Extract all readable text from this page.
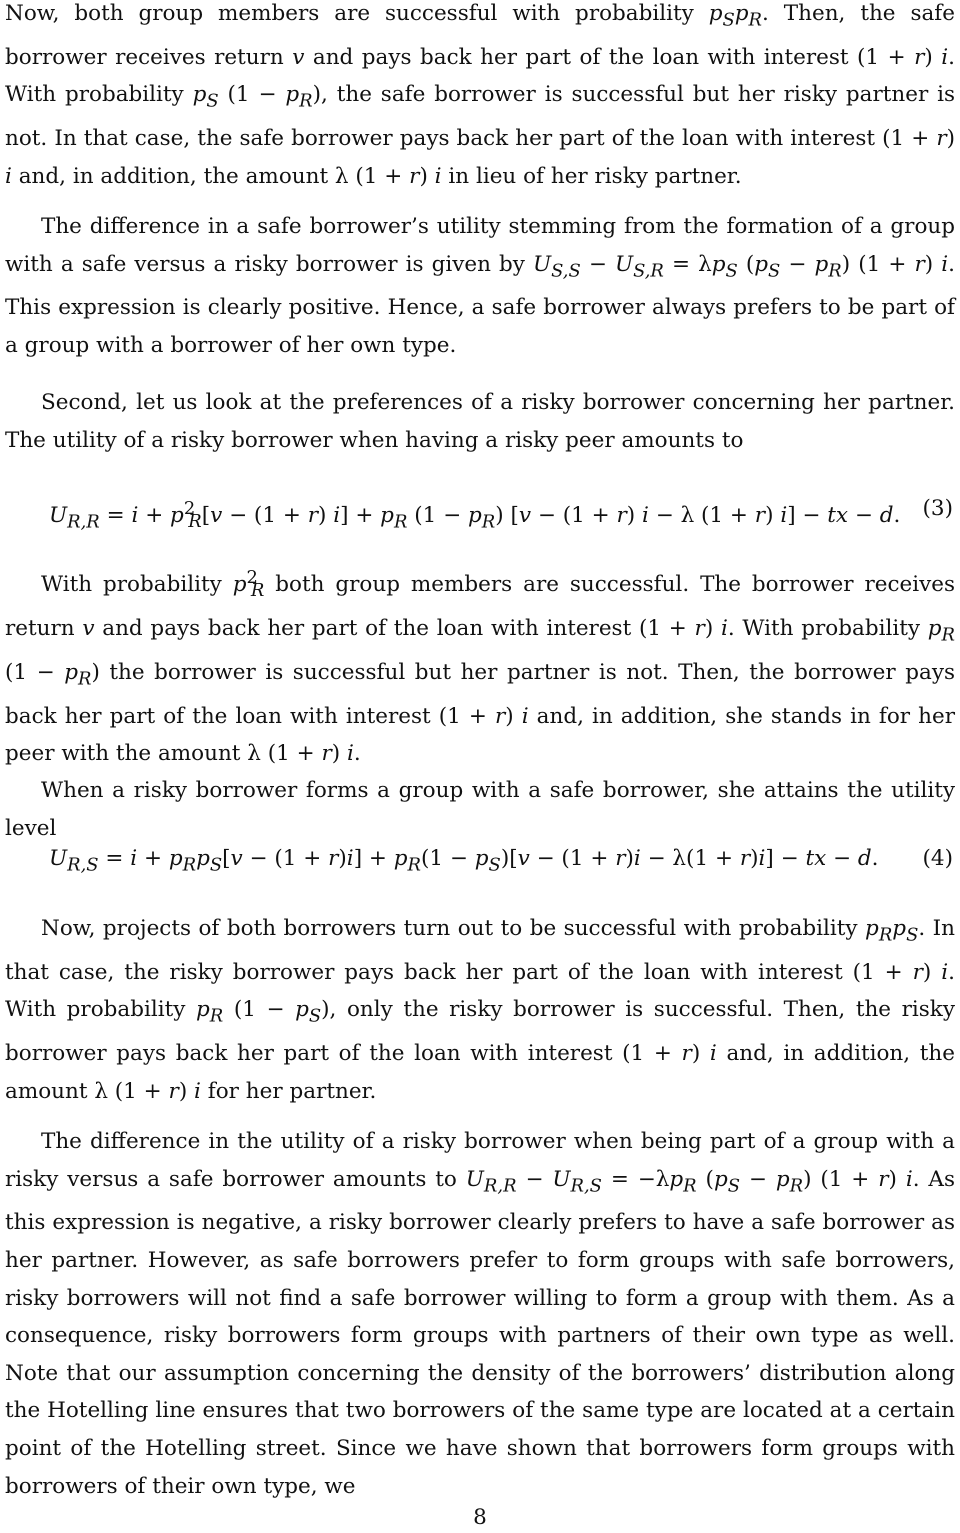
Now, both group members are successful with probability $p_Sp_R$. Then, the safe borrower receives return v and pays back her part of the loan with interest (1 + r) i. With probability $p_S$ $(1 - p_R)$, the safe borrower is successful but her risky partner is not. In that case, the safe borrower pays back her part of the loan with interest (1 + r) i and, in addition, the amount λ (1 + r) i in lieu of her risky partner.

The difference in a safe borrower’s utility stemming from the formation of a group with a safe versus a risky borrower is given by $U_{S,S} - U_{S,R} = \lambda p_S$ $(p_S - p_R) (1 + r)$ i. This expression is clearly positive. Hence, a safe borrower always prefers to be part of a group with a borrower of her own type.

Second, let us look at the preferences of a risky borrower concerning her partner. The utility of a risky borrower when having a risky peer amounts to

$U_{R,R} = i + p^2_R[v - (1 + r) i] + p_R$ $(1 - p_R)$ [v − (1 + r) i − λ (1 + r) i] − tx − d. (3)

With probability $p^2_R$ both group members are successful. The borrower receives return v and pays back her part of the loan with interest (1 + r) i. With probability $p_R$ $(1 - p_R)$ the borrower is successful but her partner is not. Then, the borrower pays back her part of the loan with interest (1 + r) i and, in addition, she stands in for her peer with the amount λ (1 + r) i.

When a risky borrower forms a group with a safe borrower, she attains the utility level

$U_{R,S} = i + p_Rp_S[v - (1 + r)i] + p_R(1 - p_S)[v - (1 + r)i - \lambda(1 + r)i]$ − tx − d. (4)

Now, projects of both borrowers turn out to be successful with probability $p_Rp_S$. In that case, the risky borrower pays back her part of the loan with interest (1 + r) i. With probability $p_R$ $(1 - p_S)$, only the risky borrower is successful. Then, the risky borrower pays back her part of the loan with interest (1 + r) i and, in addition, the amount λ (1 + r) i for her partner.

The difference in the utility of a risky borrower when being part of a group with a risky versus a safe borrower amounts to $U_{R,R} - U_{R,S} = -\lambda p_R$ $(p_S - p_R) (1 + r)$ i. As this expression is negative, a risky borrower clearly prefers to have a safe borrower as her partner. However, as safe borrowers prefer to form groups with safe borrowers, risky borrowers will not find a safe borrower willing to form a group with them. As a consequence, risky borrowers form groups with partners of their own type as well. Note that our assumption concerning the density of the borrowers’ distribution along the Hotelling line ensures that two borrowers of the same type are located at a certain point of the Hotelling street. Since we have shown that borrowers form groups with borrowers of their own type, we

8
